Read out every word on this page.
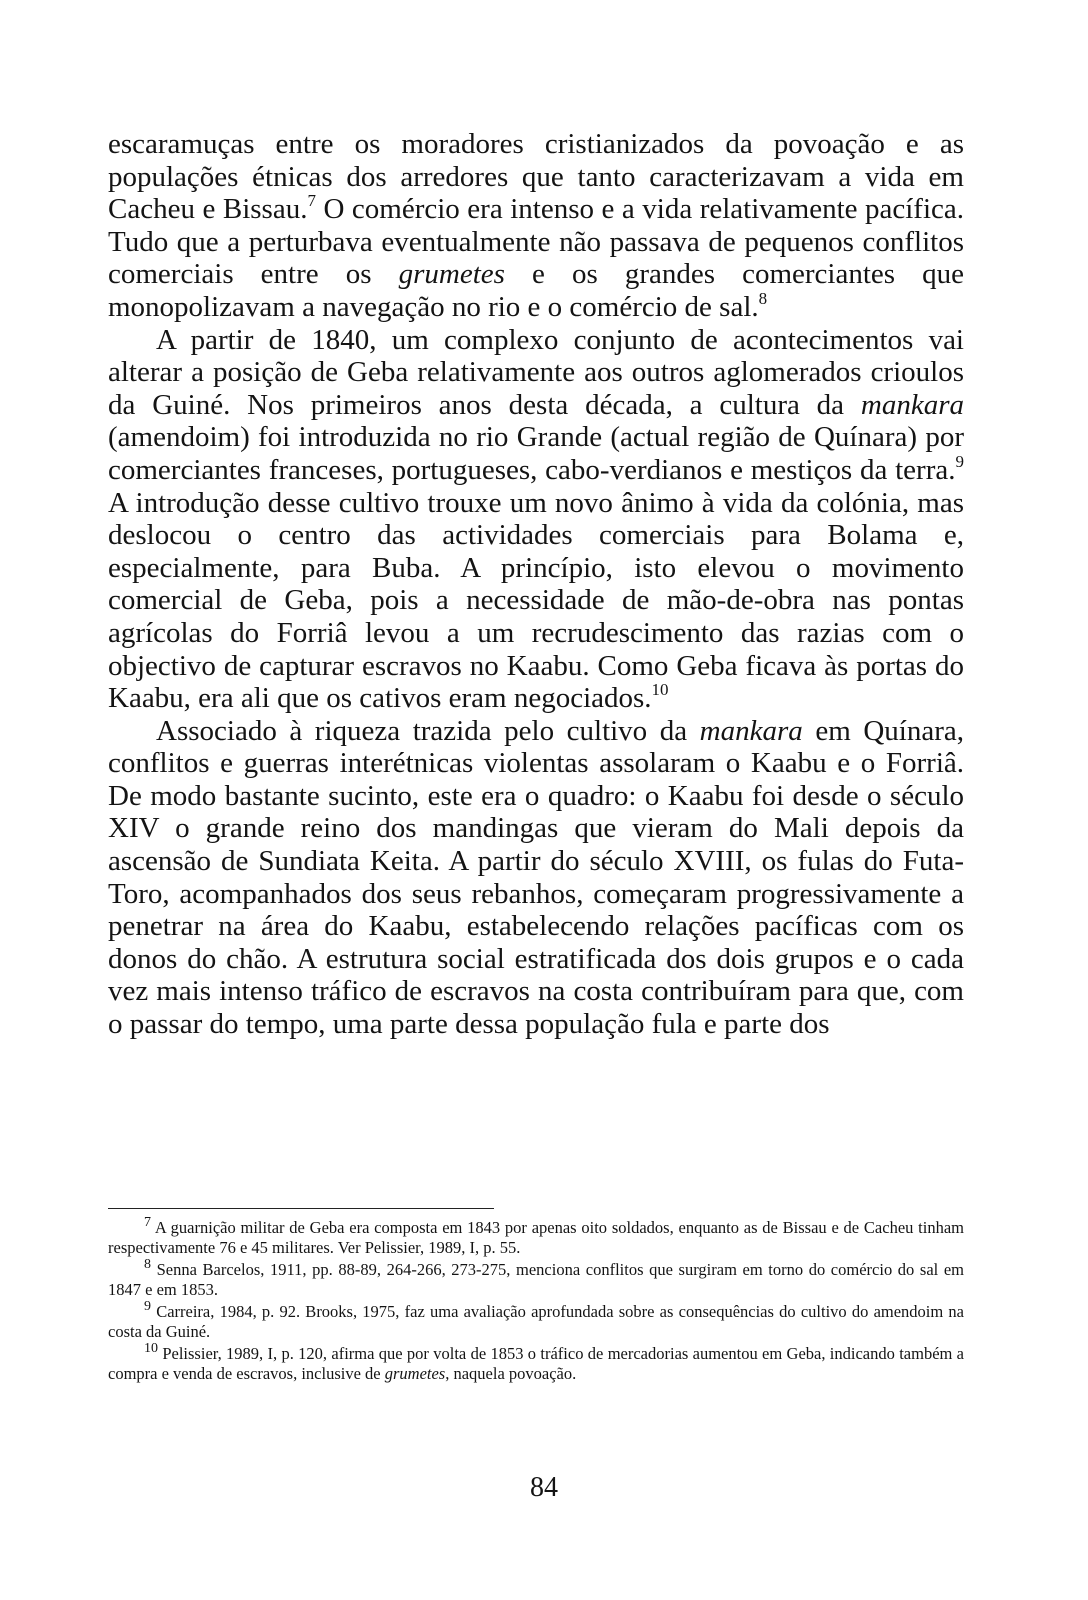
escaramuças entre os moradores cristianizados da povoação e as populações étnicas dos arredores que tanto caracterizavam a vida em Cacheu e Bissau.$^7$ O comércio era intenso e a vida relativamente pacífica. Tudo que a perturbava eventualmente não passava de pequenos conflitos comerciais entre os grumetes e os grandes comerciantes que monopolizavam a navegação no rio e o comércio de sal.$^8$

A partir de 1840, um complexo conjunto de acontecimentos vai alterar a posição de Geba relativamente aos outros aglomerados crioulos da Guiné. Nos primeiros anos desta década, a cultura da mankara (amendoim) foi introduzida no rio Grande (actual região de Quínara) por comerciantes franceses, portugueses, cabo-verdianos e mestiços da terra.$^9$ A introdução desse cultivo trouxe um novo ânimo à vida da colónia, mas deslocou o centro das actividades comerciais para Bolama e, especialmente, para Buba. A princípio, isto elevou o movimento comercial de Geba, pois a necessidade de mão-de-obra nas pontas agrícolas do Forriâ levou a um recrudescimento das razias com o objectivo de capturar escravos no Kaabu. Como Geba ficava às portas do Kaabu, era ali que os cativos eram negociados.$^{10}$

Associado à riqueza trazida pelo cultivo da mankara em Quínara, conflitos e guerras interétnicas violentas assolaram o Kaabu e o Forriâ. De modo bastante sucinto, este era o quadro: o Kaabu foi desde o século XIV o grande reino dos mandingas que vieram do Mali depois da ascensão de Sundiata Keita. A partir do século XVIII, os fulas do Futa-Toro, acompanhados dos seus rebanhos, começaram progressivamente a penetrar na área do Kaabu, estabelecendo relações pacíficas com os donos do chão. A estrutura social estratificada dos dois grupos e o cada vez mais intenso tráfico de escravos na costa contribuíram para que, com o passar do tempo, uma parte dessa população fula e parte dos

$^7$ A guarnição militar de Geba era composta em 1843 por apenas oito soldados, enquanto as de Bissau e de Cacheu tinham respectivamente 76 e 45 militares. Ver Pelissier, 1989, I, p. 55.

$^8$ Senna Barcelos, 1911, pp. 88-89, 264-266, 273-275, menciona conflitos que surgiram em torno do comércio do sal em 1847 e em 1853.

$^9$ Carreira, 1984, p. 92. Brooks, 1975, faz uma avaliação aprofundada sobre as consequências do cultivo do amendoim na costa da Guiné.

$^{10}$ Pelissier, 1989, I, p. 120, afirma que por volta de 1853 o tráfico de mercadorias aumentou em Geba, indicando também a compra e venda de escravos, inclusive de grumetes, naquela povoação.

84
